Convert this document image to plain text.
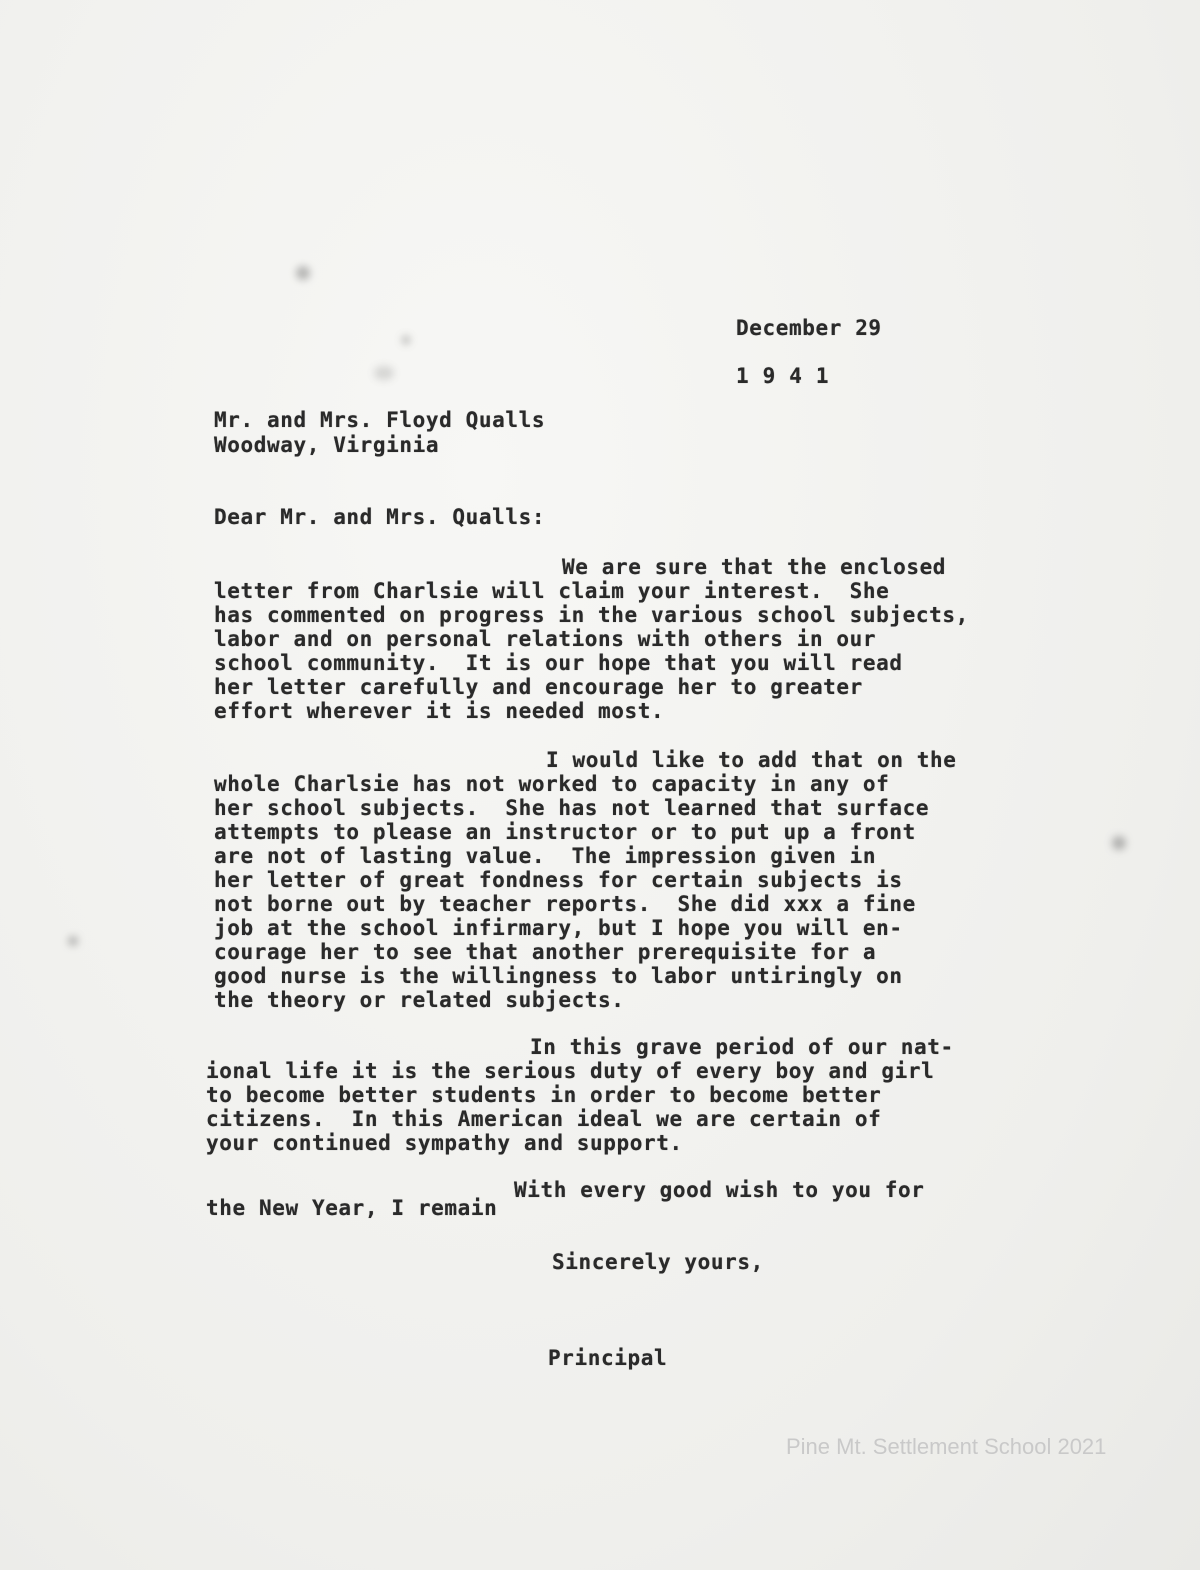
December 29
1941
Mr. and Mrs. Floyd Qualls
Woodway, Virginia
Dear Mr. and Mrs. Qualls:
We are sure that the enclosed
letter from Charlsie will claim your interest.  She
has commented on progress in the various school subjects,
labor and on personal relations with others in our
school community.  It is our hope that you will read
her letter carefully and encourage her to greater
effort wherever it is needed most.
I would like to add that on the
whole Charlsie has not worked to capacity in any of
her school subjects.  She has not learned that surface
attempts to please an instructor or to put up a front
are not of lasting value.  The impression given in
her letter of great fondness for certain subjects is
not borne out by teacher reports.  She did xxx a fine
job at the school infirmary, but I hope you will en-
courage her to see that another prerequisite for a
good nurse is the willingness to labor untiringly on
the theory or related subjects.
In this grave period of our nat-
ional life it is the serious duty of every boy and girl
to become better students in order to become better
citizens.  In this American ideal we are certain of
your continued sympathy and support.
With every good wish to you for
the New Year, I remain
Sincerely yours,
Principal
Pine Mt. Settlement School 2021
